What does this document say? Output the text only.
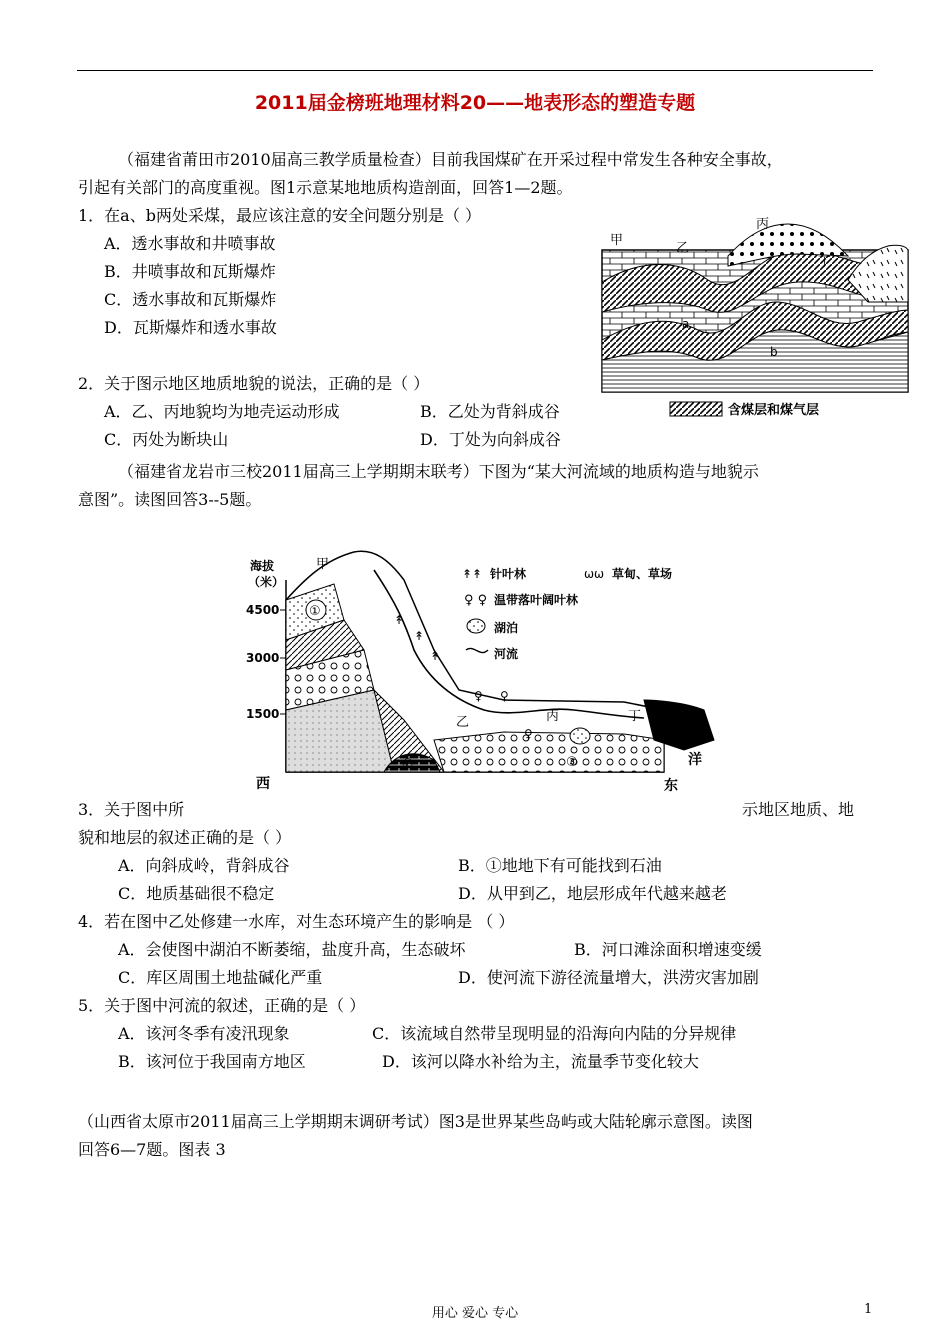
2011届金榜班地理材料20——地表形态的塑造专题
（福建省莆田市2010届高三教学质量检查）目前我国煤矿在开采过程中常发生各种安全事故，
引起有关部门的高度重视。图1示意某地地质构造剖面，回答1—2题。
1．在a、b两处采煤，最应该注意的安全问题分别是（ ）
A．透水事故和井喷事故
B．井喷事故和瓦斯爆炸
C．透水事故和瓦斯爆炸
D．瓦斯爆炸和透水事故
2．关于图示地区地质地貌的说法，正确的是（ ）
A．乙、丙地貌均为地壳运动形成	B．乙处为背斜成谷
C．丙处为断块山	D．丁处为向斜成谷
丙
甲
乙
丁
a
b
含煤层和煤气层
（福建省龙岩市三校2011届高三上学期期末联考）下图为“某大河流域的地质构造与地貌示
意图”。读图回答3--5题。
海拔
（米）
4500
3000
1500
西	东
①
②	③
↟
↟
↟
♀ ♀
♀
甲
乙	丙	丁
海
洋
↟↟ 针叶林	ѡѡ 草甸、草场
♀ ♀ 温带落叶阔叶林
湖泊
河流
3．关于图中所	示地区地质、地
貌和地层的叙述正确的是（ ）
A．向斜成岭，背斜成谷	B．①地地下有可能找到石油
C．地质基础很不稳定	D．从甲到乙，地层形成年代越来越老
4．若在图中乙处修建一水库，对生态环境产生的影响是 （ ）
A．会使图中湖泊不断萎缩，盐度升高，生态破坏	B．河口滩涂面积增速变缓
C．库区周围土地盐碱化严重	D．使河流下游径流量增大，洪涝灾害加剧
5．关于图中河流的叙述，正确的是（ ）
A．该河冬季有凌汛现象	C．该流域自然带呈现明显的沿海向内陆的分异规律
B．该河位于我国南方地区	D．该河以降水补给为主，流量季节变化较大
（山西省太原市2011届高三上学期期末调研考试）图3是世界某些岛屿或大陆轮廓示意图。读图
回答6—7题。图表 3
用心 爱心 专心	1
